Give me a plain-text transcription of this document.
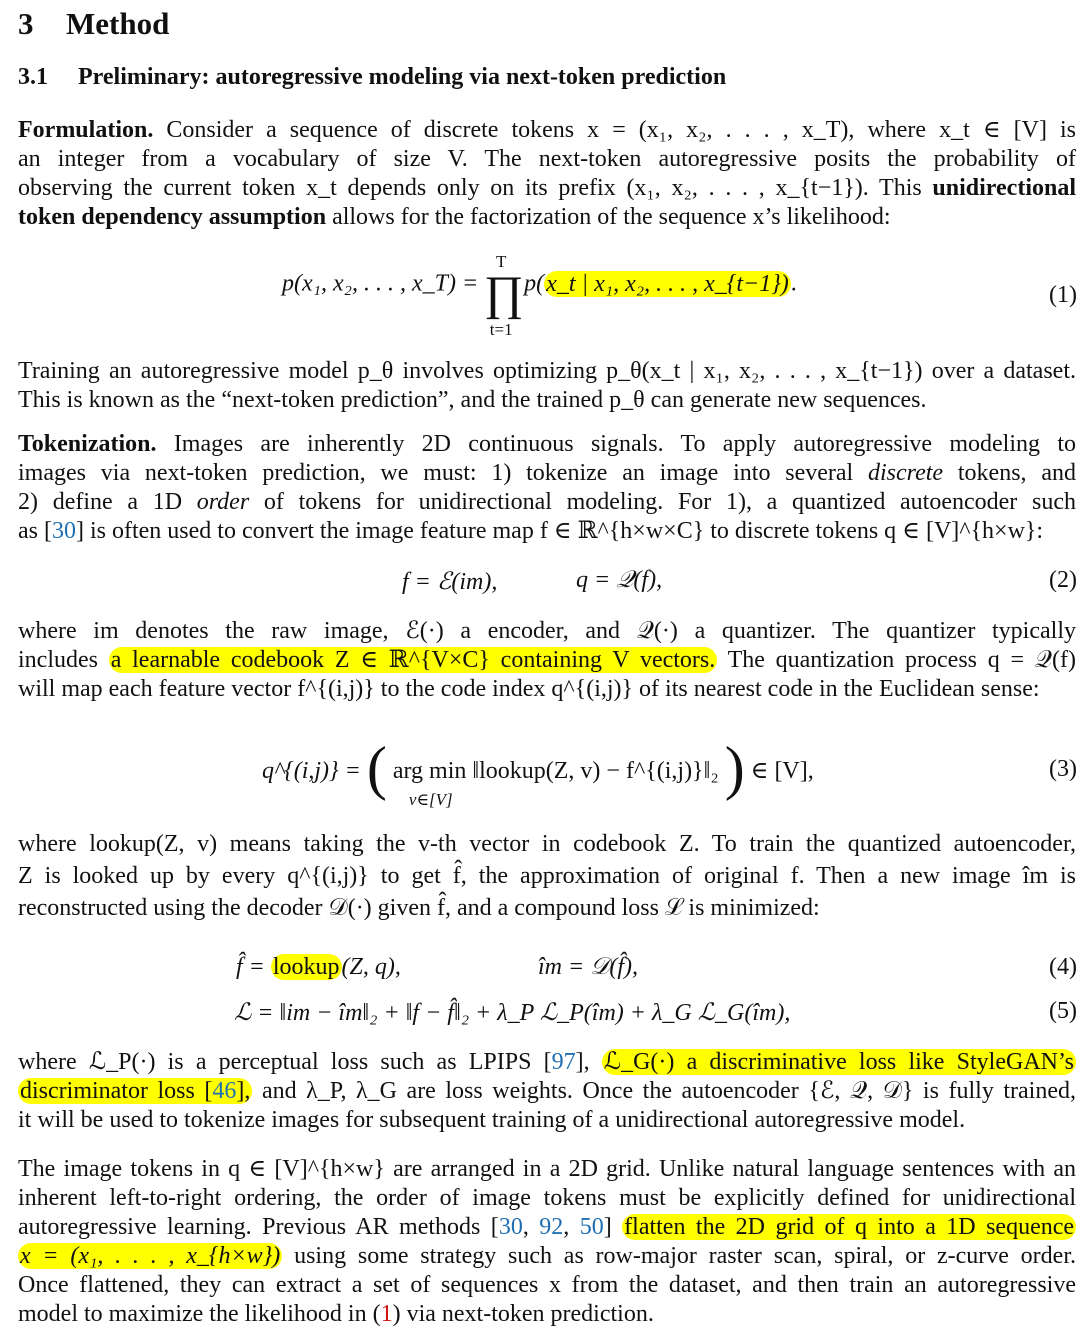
3 Method
3.1 Preliminary: autoregressive modeling via next-token prediction
Formulation. Consider a sequence of discrete tokens x = (x₁, x₂, . . . , x_T), where x_t ∈ [V] is
an integer from a vocabulary of size V. The next-token autoregressive posits the probability of
observing the current token x_t depends only on its prefix (x₁, x₂, . . . , x_{t−1}). This unidirectional
token dependency assumption allows for the factorization of the sequence x’s likelihood:
p(x₁, x₂, . . . , x_T) =
T
∏
t=1
p(x_t | x₁, x₂, . . . , x_{t−1}).	(1)
Training an autoregressive model p_θ involves optimizing p_θ(x_t | x₁, x₂, . . . , x_{t−1}) over a dataset.
This is known as the “next-token prediction”, and the trained p_θ can generate new sequences.
Tokenization. Images are inherently 2D continuous signals. To apply autoregressive modeling to
images via next-token prediction, we must: 1) tokenize an image into several discrete tokens, and
2) define a 1D order of tokens for unidirectional modeling. For 1), a quantized autoencoder such
as [30] is often used to convert the image feature map f ∈ ℝ^{h×w×C} to discrete tokens q ∈ [V]^{h×w}:
f = ℰ(im),	q = 𝒬(f),	(2)
where im denotes the raw image, ℰ(·) a encoder, and 𝒬(·) a quantizer. The quantizer typically
includes a learnable codebook Z ∈ ℝ^{V×C} containing V vectors. The quantization process q = 𝒬(f)
will map each feature vector f^{(i,j)} to the code index q^{(i,j)} of its nearest code in the Euclidean sense:
q^{(i,j)} = ( arg min
v∈[V]
‖lookup(Z, v) − f^{(i,j)}‖₂ ) ∈ [V],	(3)
where lookup(Z, v) means taking the v-th vector in codebook Z. To train the quantized autoencoder,
Z is looked up by every q^{(i,j)} to get f̂, the approximation of original f. Then a new image îm is
reconstructed using the decoder 𝒟(·) given f̂, and a compound loss ℒ is minimized:
f̂ = lookup(Z, q),	îm = 𝒟(f̂),	(4)
ℒ = ‖im − îm‖₂ + ‖f − f̂‖₂ + λ_P ℒ_P(îm) + λ_G ℒ_G(îm),	(5)
where ℒ_P(·) is a perceptual loss such as LPIPS [97], ℒ_G(·) a discriminative loss like StyleGAN’s
discriminator loss [46], and λ_P, λ_G are loss weights. Once the autoencoder {ℰ, 𝒬, 𝒟} is fully trained,
it will be used to tokenize images for subsequent training of a unidirectional autoregressive model.
The image tokens in q ∈ [V]^{h×w} are arranged in a 2D grid. Unlike natural language sentences with an
inherent left-to-right ordering, the order of image tokens must be explicitly defined for unidirectional
autoregressive learning. Previous AR methods [30, 92, 50] flatten the 2D grid of q into a 1D sequence
x = (x₁, . . . , x_{h×w}) using some strategy such as row-major raster scan, spiral, or z-curve order.
Once flattened, they can extract a set of sequences x from the dataset, and then train an autoregressive
model to maximize the likelihood in (1) via next-token prediction.
